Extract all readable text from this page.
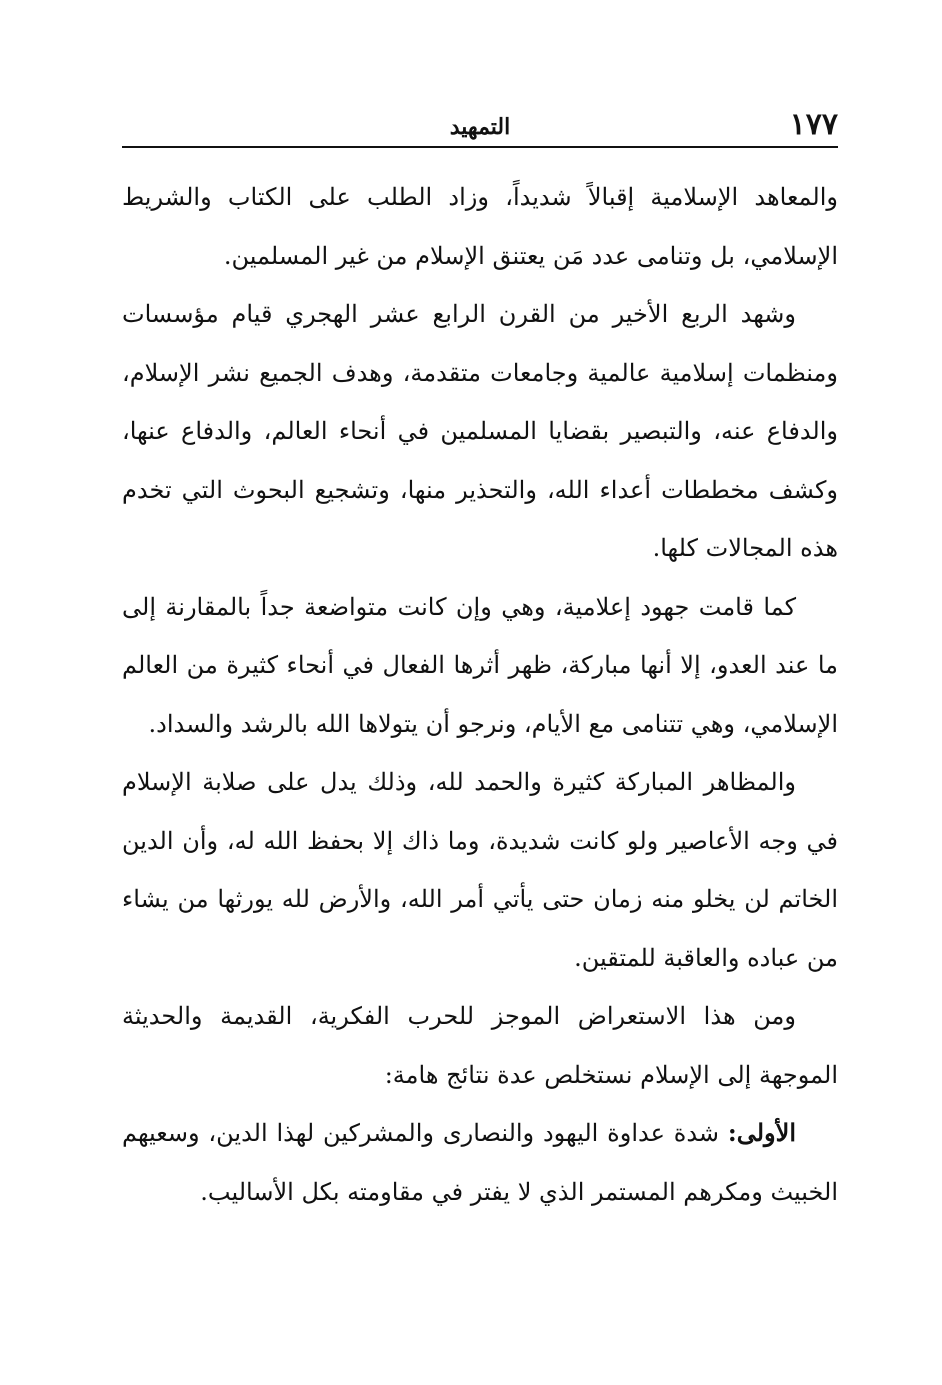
١٧٧
التمهيد

والمعاهد الإسلامية إقبالاً شديداً، وزاد الطلب على الكتاب والشريط الإسلامي، بل وتنامى عدد مَن يعتنق الإسلام من غير المسلمين.

وشهد الربع الأخير من القرن الرابع عشر الهجري قيام مؤسسات ومنظمات إسلامية عالمية وجامعات متقدمة، وهدف الجميع نشر الإسلام، والدفاع عنه، والتبصير بقضايا المسلمين في أنحاء العالم، والدفاع عنها، وكشف مخططات أعداء الله، والتحذير منها، وتشجيع البحوث التي تخدم هذه المجالات كلها.

كما قامت جهود إعلامية، وهي وإن كانت متواضعة جداً بالمقارنة إلى ما عند العدو، إلا أنها مباركة، ظهر أثرها الفعال في أنحاء كثيرة من العالم الإسلامي، وهي تتنامى مع الأيام، ونرجو أن يتولاها الله بالرشد والسداد.

والمظاهر المباركة كثيرة والحمد لله، وذلك يدل على صلابة الإسلام في وجه الأعاصير ولو كانت شديدة، وما ذاك إلا بحفظ الله له، وأن الدين الخاتم لن يخلو منه زمان حتى يأتي أمر الله، والأرض لله يورثها من يشاء من عباده والعاقبة للمتقين.

ومن هذا الاستعراض الموجز للحرب الفكرية، القديمة والحديثة الموجهة إلى الإسلام نستخلص عدة نتائج هامة:

الأولى: شدة عداوة اليهود والنصارى والمشركين لهذا الدين، وسعيهم الخبيث ومكرهم المستمر الذي لا يفتر في مقاومته بكل الأساليب.
